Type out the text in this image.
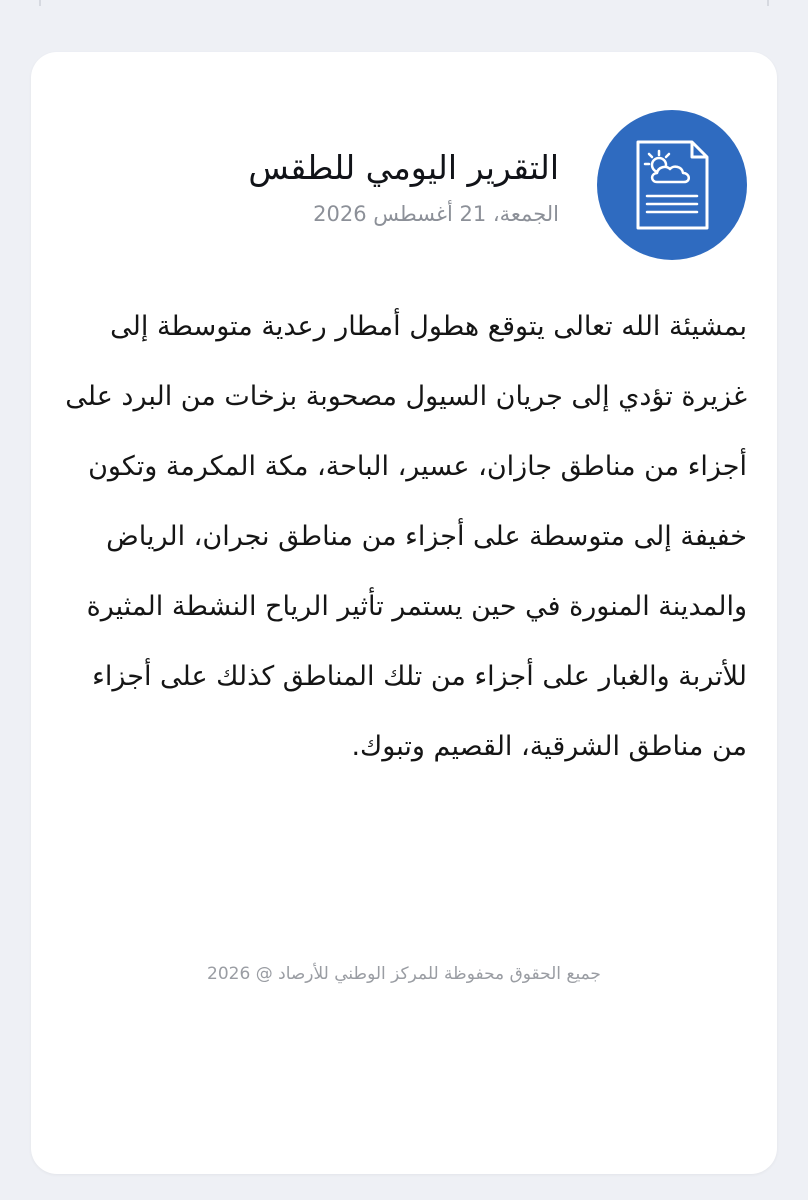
التقرير اليومي للطقس
الجمعة، 21 أغسطس 2026
بمشيئة الله تعالى يتوقع هطول أمطار رعدية متوسطة إلى غزيرة تؤدي إلى جريان السيول مصحوبة بزخات من البرد على أجزاء من مناطق جازان، عسير، الباحة، مكة المكرمة وتكون خفيفة إلى متوسطة على أجزاء من مناطق نجران، الرياض والمدينة المنورة في حين يستمر تأثير الرياح النشطة المثيرة للأتربة والغبار على أجزاء من تلك المناطق كذلك على أجزاء من مناطق الشرقية، القصيم وتبوك.
جميع الحقوق محفوظة للمركز الوطني للأرصاد @ 2026
